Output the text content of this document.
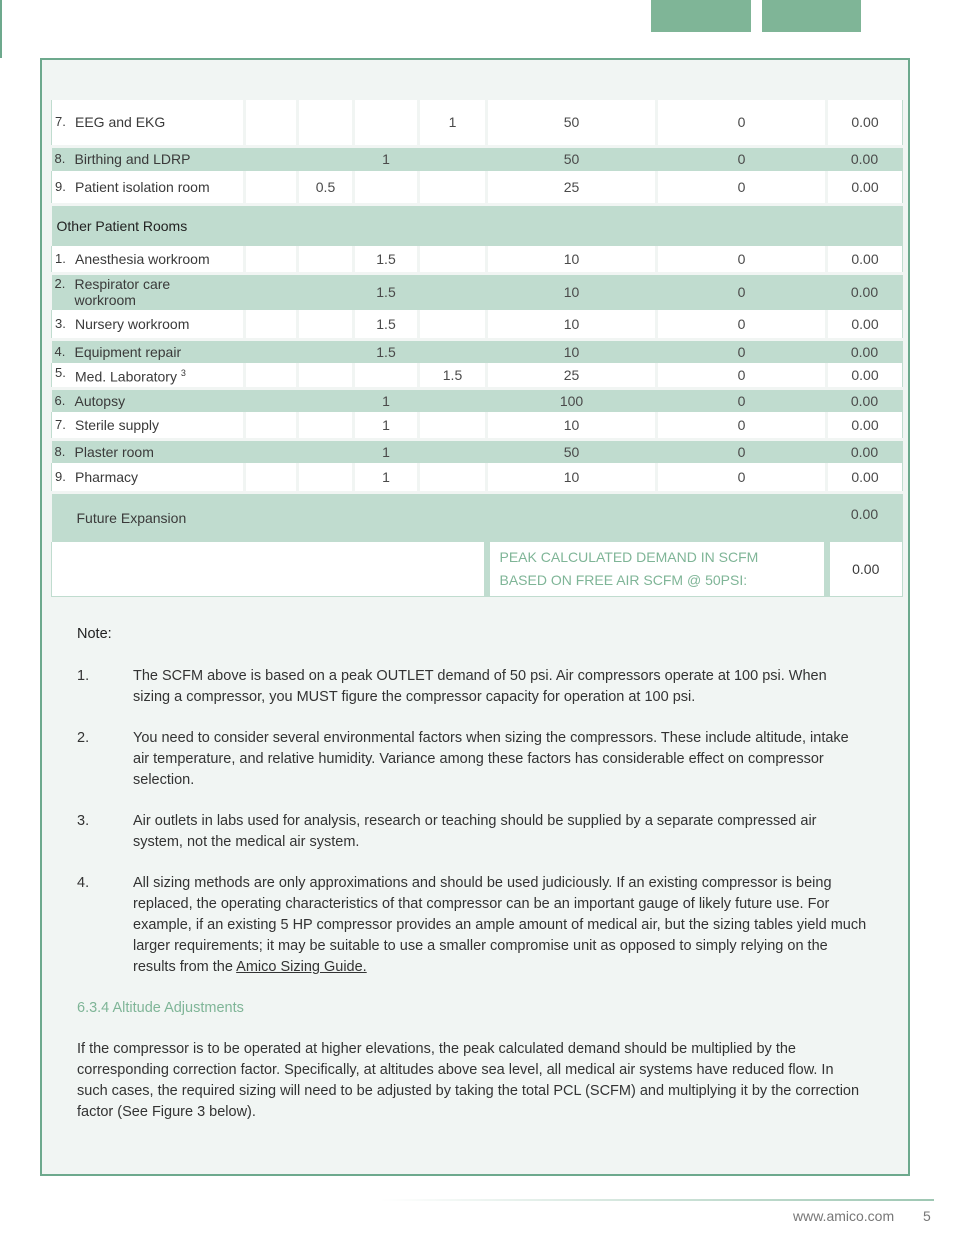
7. EEG and EKG				1	50	0	0.00
8. Birthing and LDRP			1		50	0	0.00
9. Patient isolation room		0.5			25	0	0.00
Other Patient Rooms							
1. Anesthesia workroom			1.5		10	0	0.00
2. Respirator care
workroom			1.5		10	0	0.00
3. Nursery workroom			1.5		10	0	0.00
4. Equipment repair			1.5		10	0	0.00
5. Med. Laboratory $^3$				1.5	25	0	0.00
6. Autopsy			1		100	0	0.00
7. Sterile supply			1		10	0	0.00
8. Plaster room			1		50	0	0.00
9. Pharmacy			1		10	0	0.00
Future Expansion							0.00

					PEAK CALCULATED DEMAND IN SCFM
BASED ON FREE AIR SCFM @ 50PSI:		0.00
Note:
1.	The SCFM above is based on a peak OUTLET demand of 50 psi. Air compressors operate at 100 psi. When sizing a compressor, you MUST figure the compressor capacity for operation at 100 psi.
2.	You need to consider several environmental factors when sizing the compressors. These include altitude, intake air temperature, and relative humidity. Variance among these factors has considerable effect on compressor selection.
3.	Air outlets in labs used for analysis, research or teaching should be supplied by a separate compressed air system, not the medical air system.
4.	All sizing methods are only approximations and should be used judiciously. If an existing compressor is being replaced, the operating characteristics of that compressor can be an important gauge of likely future use. For example, if an existing 5 HP compressor provides an ample amount of medical air, but the sizing tables yield much larger requirements; it may be suitable to use a smaller compromise unit as opposed to simply relying on the results from the Amico Sizing Guide.
6.3.4 Altitude Adjustments
If the compressor is to be operated at higher elevations, the peak calculated demand should be multiplied by the corresponding correction factor. Specifically, at altitudes above sea level, all medical air systems have reduced flow. In such cases, the required sizing will need to be adjusted by taking the total PCL (SCFM) and multiplying it by the correction factor (See Figure 3 below).
www.amico.com 5
